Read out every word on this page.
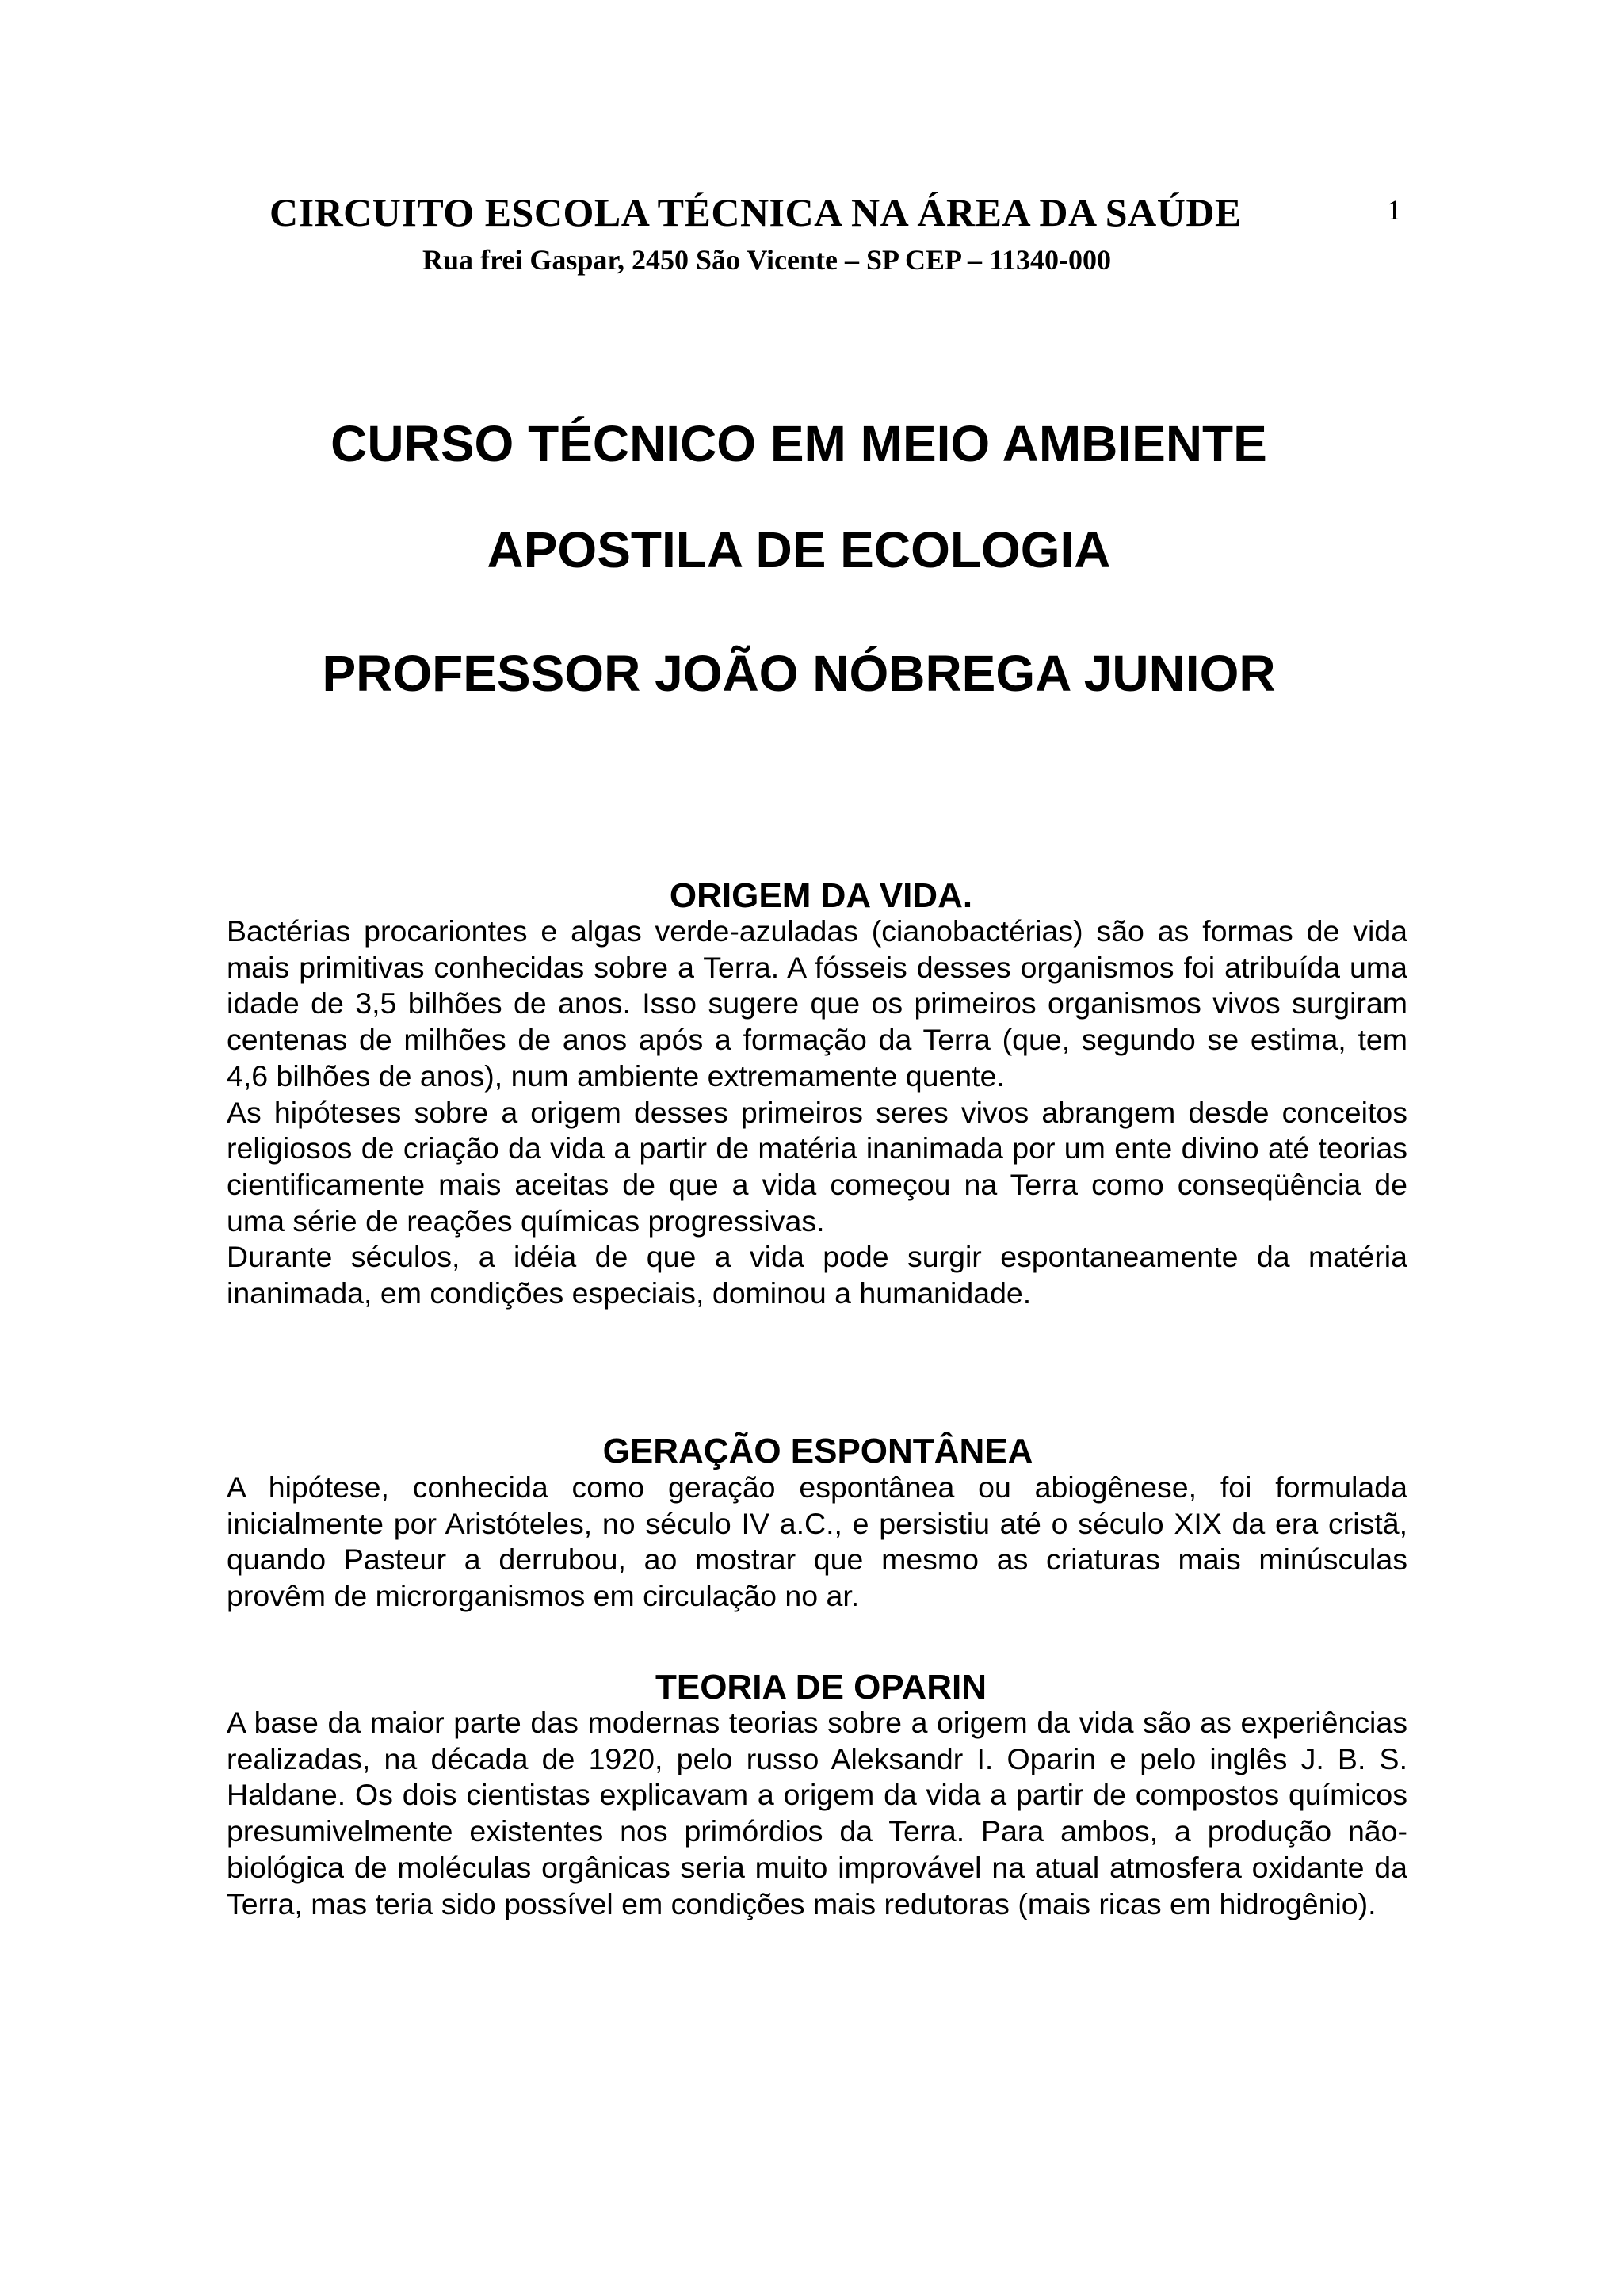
CIRCUITO ESCOLA TÉCNICA NA ÁREA DA SAÚDE	1
Rua frei Gaspar, 2450 São Vicente – SP CEP – 11340-000
CURSO TÉCNICO EM MEIO AMBIENTE
APOSTILA DE ECOLOGIA
PROFESSOR JOÃO NÓBREGA JUNIOR
ORIGEM DA VIDA.

Bactérias procariontes e algas verde-azuladas (cianobactérias) são as formas de vida mais primitivas conhecidas sobre a Terra. A fósseis desses organismos foi atribuída uma idade de 3,5 bilhões de anos. Isso sugere que os primeiros organismos vivos surgiram centenas de milhões de anos após a formação da Terra (que, segundo se estima, tem 4,6 bilhões de anos), num ambiente extremamente quente.

As hipóteses sobre a origem desses primeiros seres vivos abrangem desde conceitos religiosos de criação da vida a partir de matéria inanimada por um ente divino até teorias cientificamente mais aceitas de que a vida começou na Terra como conseqüência de uma série de reações químicas progressivas.

Durante séculos, a idéia de que a vida pode surgir espontaneamente da matéria inanimada, em condições especiais, dominou a humanidade.

GERAÇÃO ESPONTÂNEA

A hipótese, conhecida como geração espontânea ou abiogênese, foi formulada inicialmente por Aristóteles, no século IV a.C., e persistiu até o século XIX da era cristã, quando Pasteur a derrubou, ao mostrar que mesmo as criaturas mais minúsculas provêm de microrganismos em circulação no ar.

TEORIA DE OPARIN

A base da maior parte das modernas teorias sobre a origem da vida são as experiências realizadas, na década de 1920, pelo russo Aleksandr I. Oparin e pelo inglês J. B. S. Haldane. Os dois cientistas explicavam a origem da vida a partir de compostos químicos presumivelmente existentes nos primórdios da Terra. Para ambos, a produção não-biológica de moléculas orgânicas seria muito improvável na atual atmosfera oxidante da Terra, mas teria sido possível em condições mais redutoras (mais ricas em hidrogênio).
